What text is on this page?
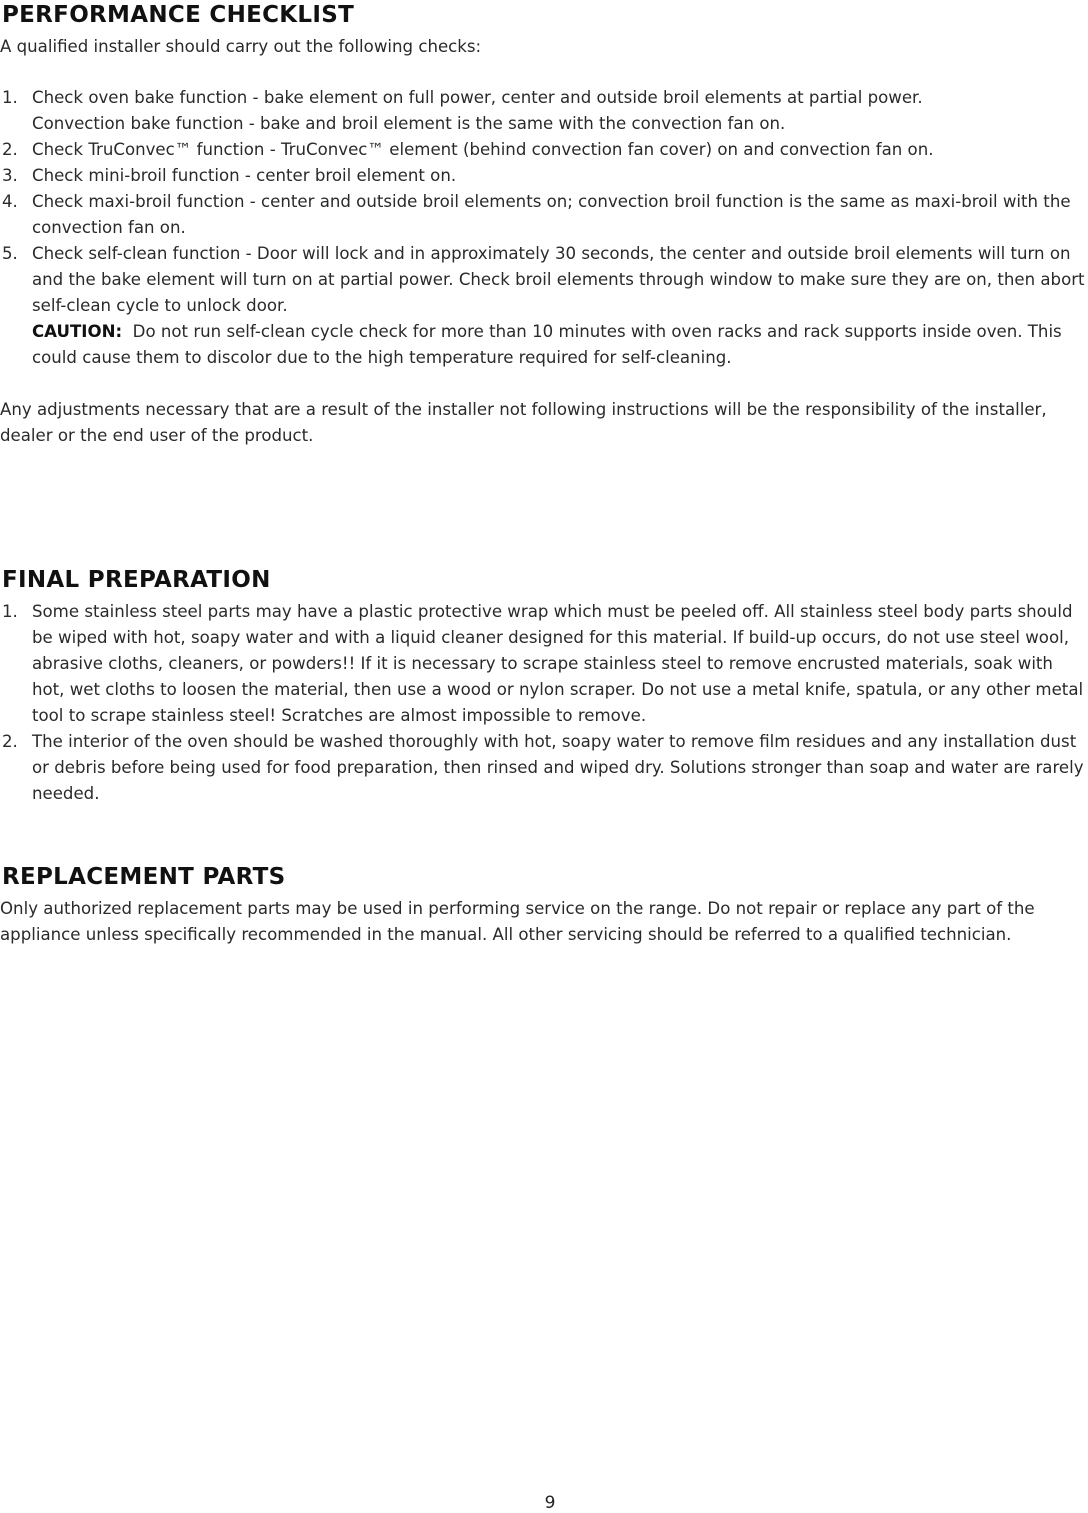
PERFORMANCE CHECKLIST

A qualified installer should carry out the following checks:

1. Check oven bake function - bake element on full power, center and outside broil elements at partial power.
Convection bake function - bake and broil element is the same with the convection fan on.
2. Check TruConvec™ function - TruConvec™ element (behind convection fan cover) on and convection fan on.
3. Check mini-broil function - center broil element on.
4. Check maxi-broil function - center and outside broil elements on; convection broil function is the same as maxi-broil with the convection fan on.
5. Check self-clean function - Door will lock and in approximately 30 seconds, the center and outside broil elements will turn on and the bake element will turn on at partial power. Check broil elements through window to make sure they are on, then abort self-clean cycle to unlock door.
CAUTION: Do not run self-clean cycle check for more than 10 minutes with oven racks and rack supports inside oven. This could cause them to discolor due to the high temperature required for self-cleaning.

Any adjustments necessary that are a result of the installer not following instructions will be the responsibility of the installer, dealer or the end user of the product.

FINAL PREPARATION
1. Some stainless steel parts may have a plastic protective wrap which must be peeled off. All stainless steel body parts should be wiped with hot, soapy water and with a liquid cleaner designed for this material. If build-up occurs, do not use steel wool, abrasive cloths, cleaners, or powders!! If it is necessary to scrape stainless steel to remove encrusted materials, soak with hot, wet cloths to loosen the material, then use a wood or nylon scraper. Do not use a metal knife, spatula, or any other metal tool to scrape stainless steel! Scratches are almost impossible to remove.
2. The interior of the oven should be washed thoroughly with hot, soapy water to remove film residues and any installation dust or debris before being used for food preparation, then rinsed and wiped dry. Solutions stronger than soap and water are rarely needed.
REPLACEMENT PARTS

Only authorized replacement parts may be used in performing service on the range. Do not repair or replace any part of the appliance unless specifically recommended in the manual. All other servicing should be referred to a qualified technician.

9
